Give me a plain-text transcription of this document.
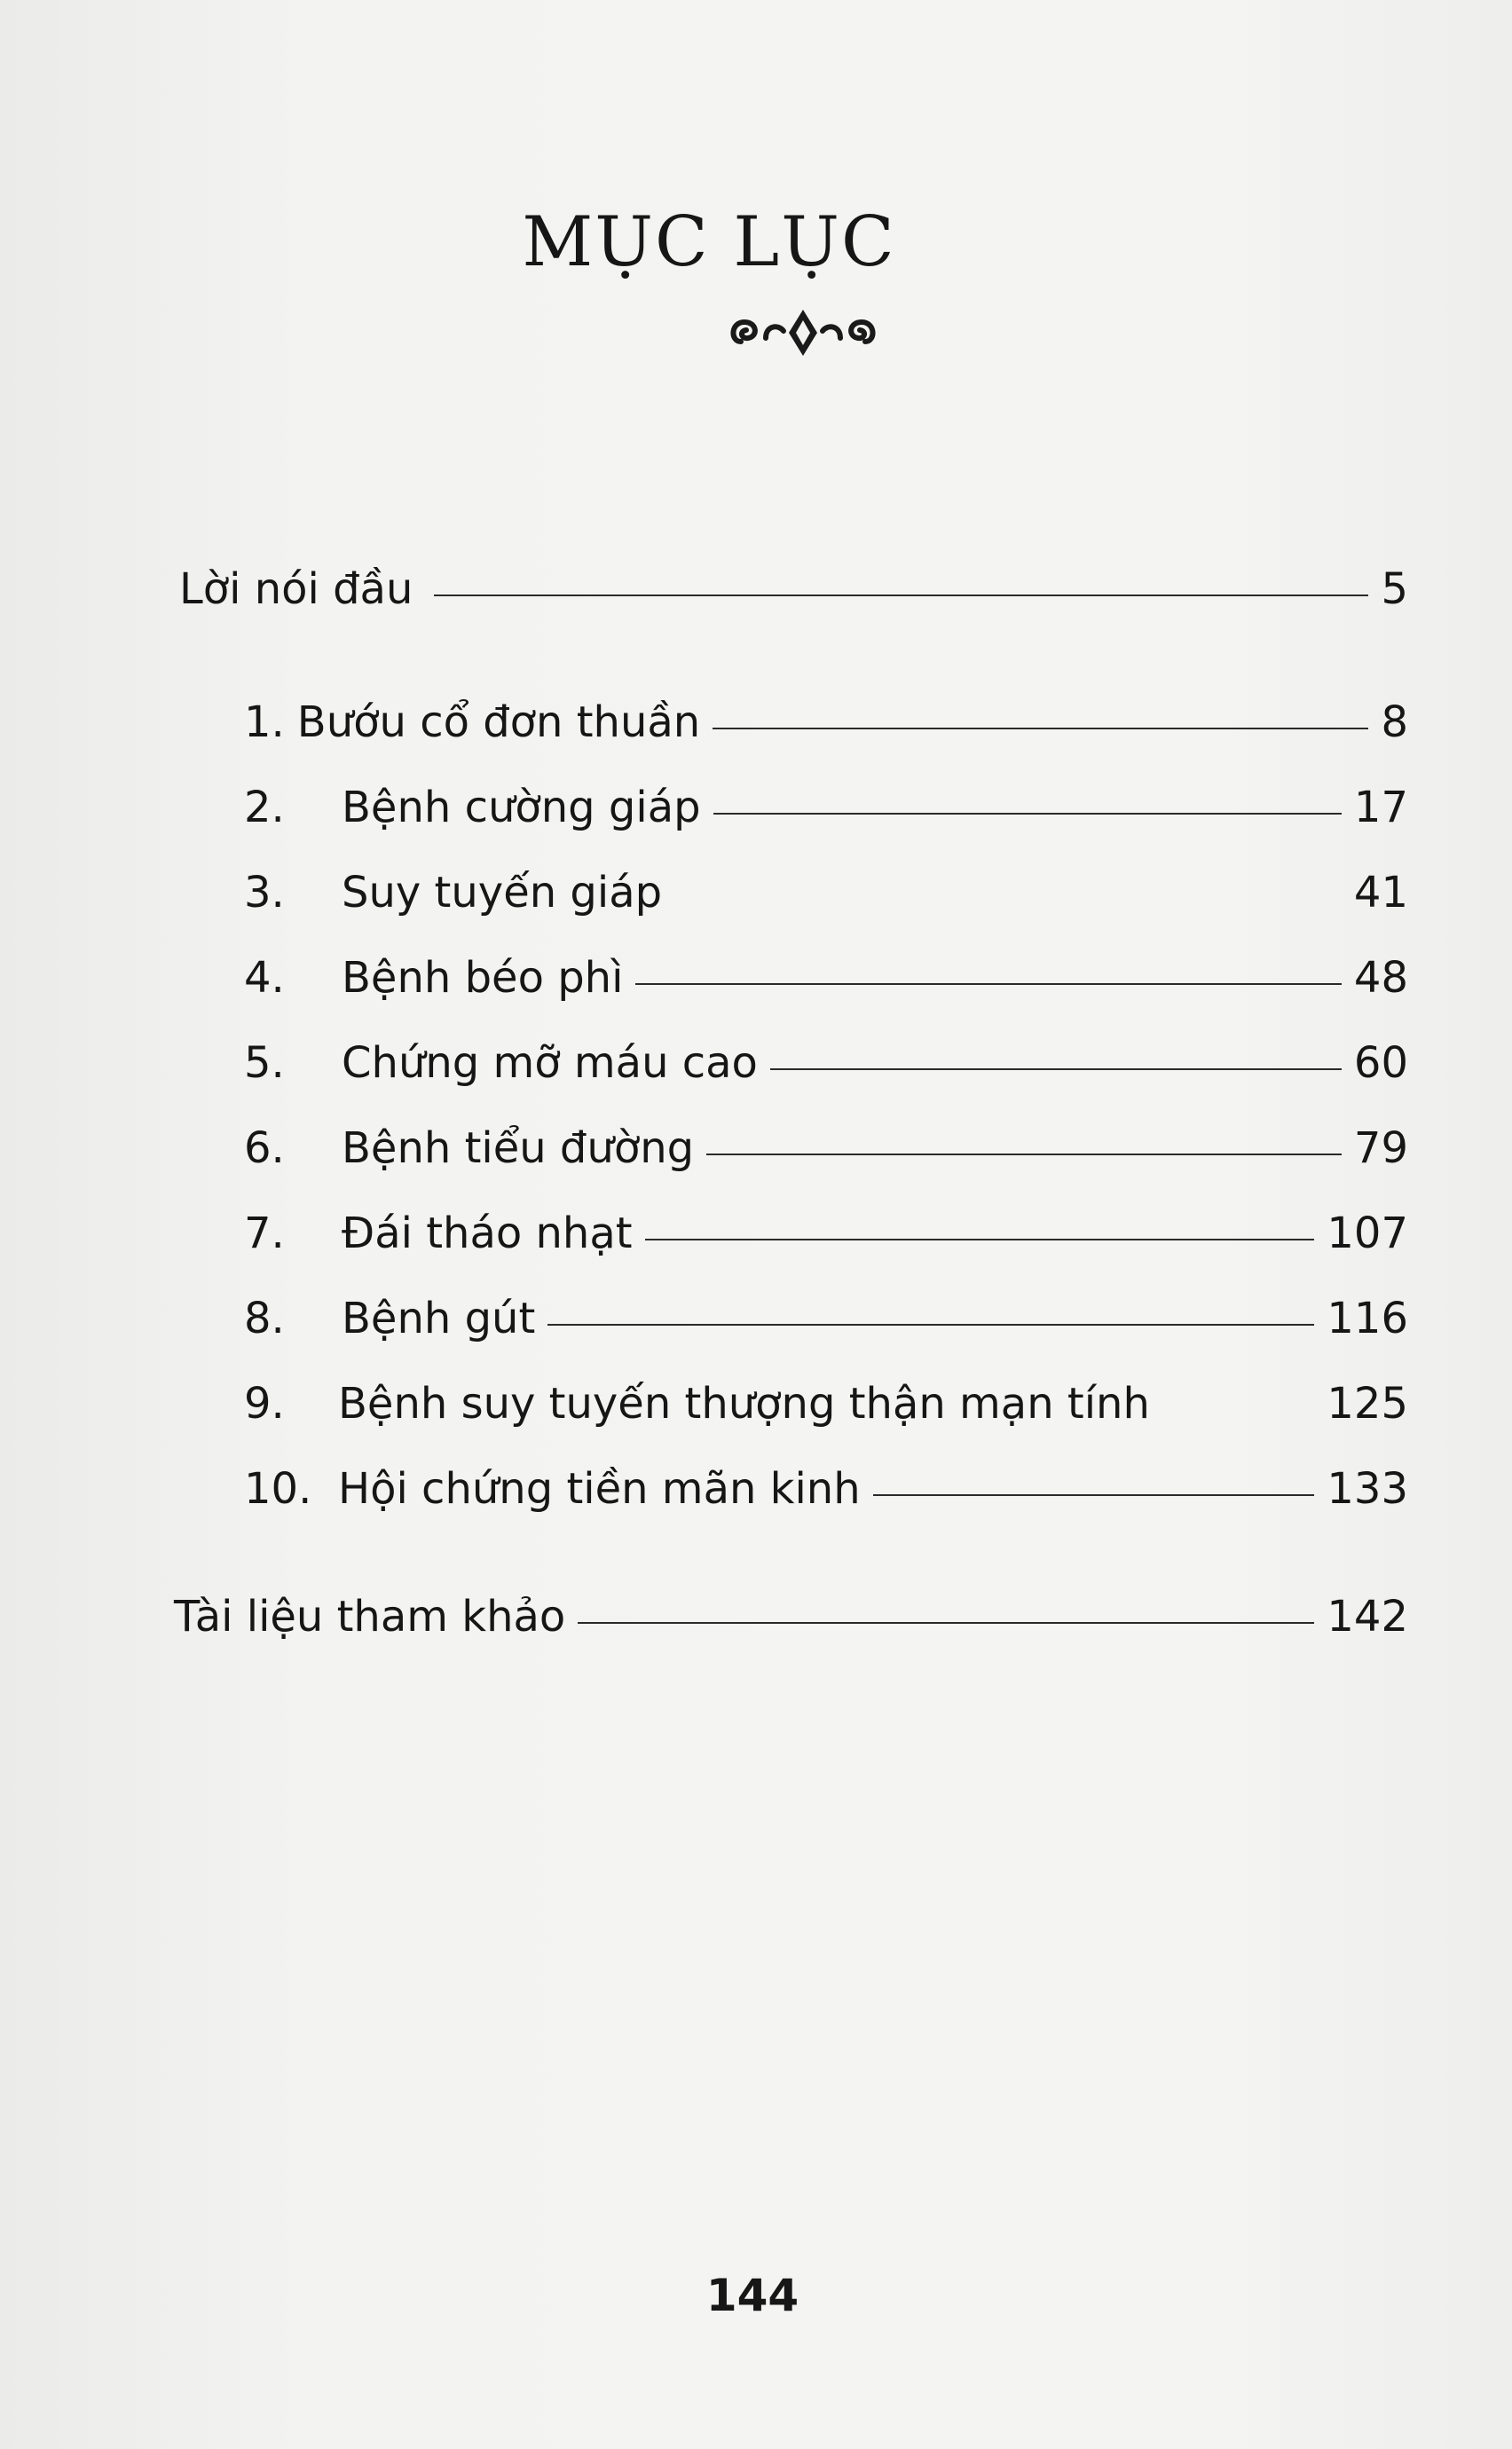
MỤC LỤC
Lời nói đầu	5
1. Bướu cổ đơn thuần	8
2.	Bệnh cường giáp	17
3.	Suy tuyến giáp	41
4.	Bệnh béo phì	48
5.	Chứng mỡ máu cao	60
6.	Bệnh tiểu đường	79
7.	Đái tháo nhạt	107
8.	Bệnh gút	116
9.	Bệnh suy tuyến thượng thận mạn tính	125
10. Hội chứng tiền mãn kinh	133
Tài liệu tham khảo	142
144
